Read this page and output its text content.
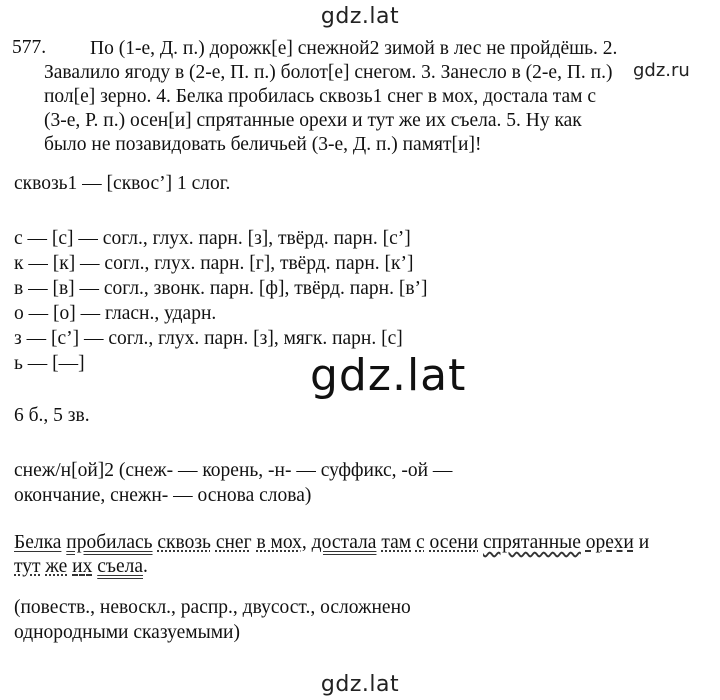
gdz.lat
gdz.ru
gdz.lat
gdz.lat
577. По (1-е, Д. п.) дорожк[е] снежной2 зимой в лес не пройдёшь. 2.
Завалило ягоду в (2-е, П. п.) болот[е] снегом. 3. Занесло в (2-е, П. п.)
пол[е] зерно. 4. Белка пробилась сквозь1 снег в мох, достала там с
(3-е, Р. п.) осен[и] спрятанные орехи и тут же их съела. 5. Ну как
было не позавидовать беличьей (3-е, Д. п.) памят[и]!
сквозь1 — [сквос’] 1 слог.
с — [с] — согл., глух. парн. [з], твёрд. парн. [с’]
к — [к] — согл., глух. парн. [г], твёрд. парн. [к’]
в — [в] — согл., звонк. парн. [ф], твёрд. парн. [в’]
о — [о] — гласн., ударн.
з — [с’] — согл., глух. парн. [з], мягк. парн. [с]
ь — [—]
6 б., 5 зв.
снеж/н[ой]2 (снеж- — корень, -н- — суффикс, -ой —
окончание, снежн- — основа слова)
Белка пробилась сквозь снег в мох, достала там с осени спрятанные орехи и
тут же их съела.
(повеств., невоскл., распр., двусост., осложнено
однородными сказуемыми)
